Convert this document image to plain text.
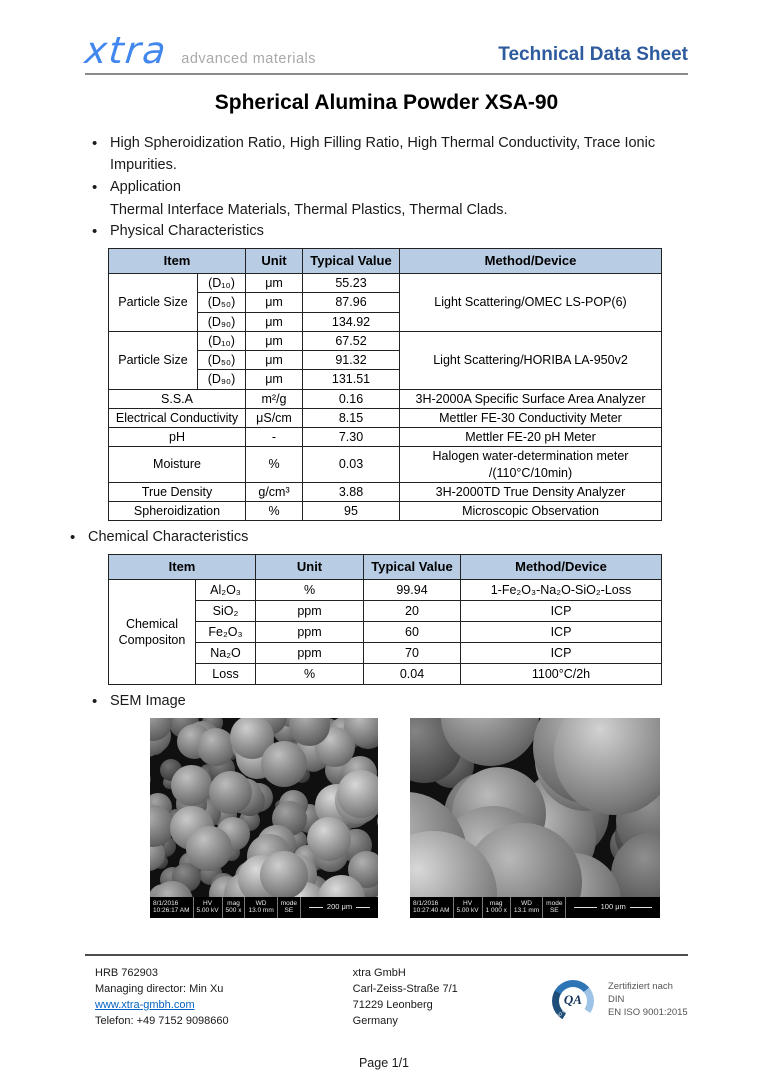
xtra advanced materials	Technical Data Sheet
Spherical Alumina Powder XSA-90
•
High Spheroidization Ratio, High Filling Ratio, High Thermal Conductivity, Trace Ionic Impurities.
•
Application
Thermal Interface Materials, Thermal Plastics, Thermal Clads.
•
Physical Characteristics
Item		Unit	Typical Value	Method/Device
Particle Size	(D₁₀)	μm	55.23	Light Scattering/OMEC LS-POP(6)
	(D₅₀)	μm	87.96	
	(D₉₀)	μm	134.92	
Particle Size	(D₁₀)	μm	67.52	Light Scattering/HORIBA LA-950v2
	(D₅₀)	μm	91.32	
	(D₉₀)	μm	131.51	
S.S.A		m²/g	0.16	3H-2000A Specific Surface Area Analyzer
Electrical Conductivity		μS/cm	8.15	Mettler FE-30 Conductivity Meter
pH		-	7.30	Mettler FE-20 pH Meter
Moisture		%	0.03	Halogen water-determination meter /(110°C/10min)
True Density		g/cm³	3.88	3H-2000TD True Density Analyzer
Spheroidization		%	95	Microscopic Observation
•
Chemical Characteristics
Item		Unit	Typical Value	Method/Device
Chemical Compositon	Al₂O₃	%	99.94	1-Fe₂O₃-Na₂O-SiO₂-Loss
	SiO₂	ppm	20	ICP
	Fe₂O₃	ppm	60	ICP
	Na₂O	ppm	70	ICP
	Loss	%	0.04	1100°C/2h
•
SEM Image
8/1/2016
10:26:17 AM
HV
5.00 kV
mag
500 x
WD
13.0 mm
mode
SE	200 μm	8/1/2016
10:27:40 AM
HV
5.00 kV
mag
1 000 x
WD
13.1 mm
mode
SE	100 μm
HRB 762903
Managing director: Min Xu
www.xtra-gmbh.com
Telefon: +49 7152 9098660
xtra GmbH
Carl-Zeiss-Straße 7/1
71229 Leonberg
Germany
QA
ISO 9001
Zertifiziert nach DIN
EN ISO 9001:2015
Page 1/1
